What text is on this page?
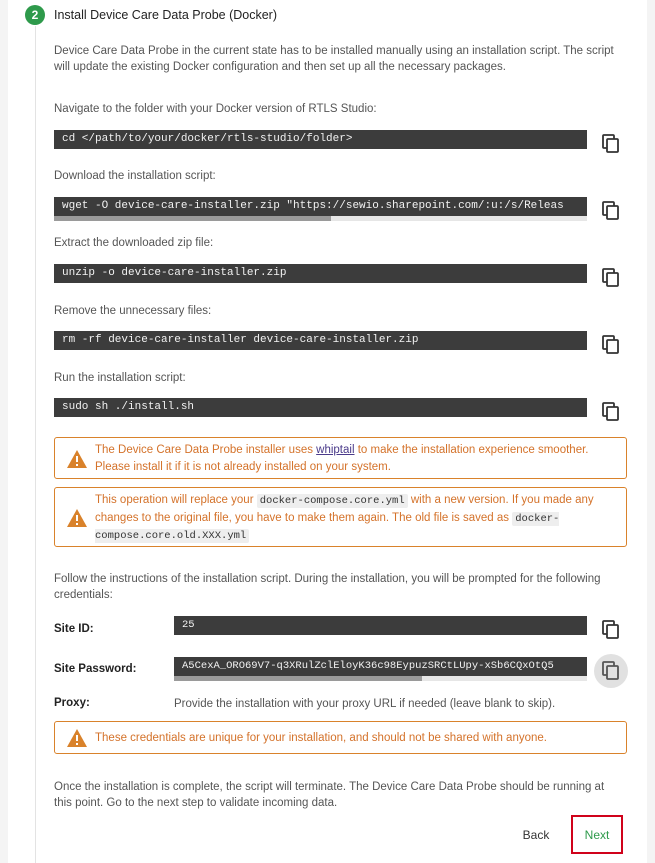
2	Install Device Care Data Probe (Docker)
Device Care Data Probe in the current state has to be installed manually using an installation script. The script will update the existing Docker configuration and then set up all the necessary packages.
Navigate to the folder with your Docker version of RTLS Studio:
cd </path/to/your/docker/rtls-studio/folder>
Download the installation script:
wget -O device-care-installer.zip "https://sewio.sharepoint.com/:u:/s/Releas
Extract the downloaded zip file:
unzip -o device-care-installer.zip
Remove the unnecessary files:
rm -rf device-care-installer device-care-installer.zip
Run the installation script:
sudo sh ./install.sh
The Device Care Data Probe installer uses whiptail to make the installation experience smoother. Please install it if it is not already installed on your system.
This operation will replace your docker-compose.core.yml with a new version. If you made any changes to the original file, you have to make them again. The old file is saved as docker-compose.core.old.XXX.yml
Follow the instructions of the installation script. During the installation, you will be prompted for the following credentials:
Site ID:	25
Site Password:	A5CexA_ORO69V7-q3XRulZclEloyK36c98EypuzSRCtLUpy-xSb6CQxOtQ5
Proxy:	Provide the installation with your proxy URL if needed (leave blank to skip).
These credentials are unique for your installation, and should not be shared with anyone.
Once the installation is complete, the script will terminate. The Device Care Data Probe should be running at this point. Go to the next step to validate incoming data.
Back	Next
